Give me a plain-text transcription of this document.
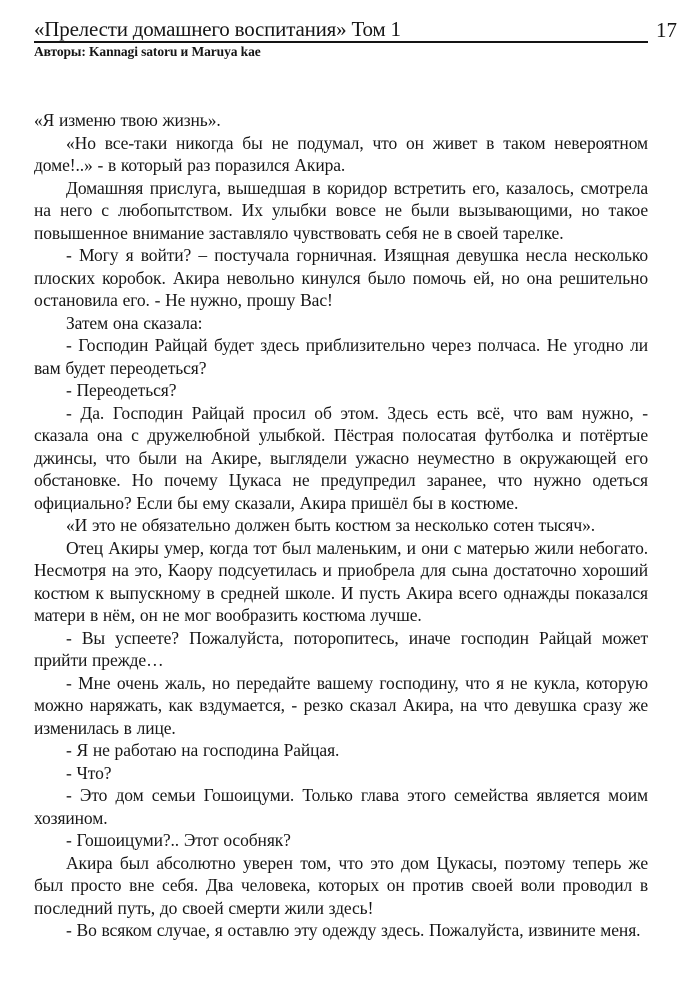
17
«Прелести домашнего воспитания» Том 1
Авторы: Kannagi satoru и Maruya kae

«Я изменю твою жизнь».

«Но все-таки никогда бы не подумал, что он живет в таком невероятном доме!..» - в который раз поразился Акира.

Домашняя прислуга, вышедшая в коридор встретить его, казалось, смотрела на него с любопытством. Их улыбки вовсе не были вызывающими, но такое повышенное внимание заставляло чувствовать себя не в своей тарелке.

- Могу я войти? – постучала горничная. Изящная девушка несла несколько плоских коробок. Акира невольно кинулся было помочь ей, но она решительно остановила его. - Не нужно, прошу Вас!

Затем она сказала:

- Господин Райцай будет здесь приблизительно через полчаса. Не угодно ли вам будет переодеться?

- Переодеться?

- Да. Господин Райцай просил об этом. Здесь есть всё, что вам нужно, - сказала она с дружелюбной улыбкой. Пёстрая полосатая футболка и потёртые джинсы, что были на Акире, выглядели ужасно неуместно в окружающей его обстановке. Но почему Цукаса не предупредил заранее, что нужно одеться официально? Если бы ему сказали, Акира пришёл бы в костюме.

«И это не обязательно должен быть костюм за несколько сотен тысяч».

Отец Акиры умер, когда тот был маленьким, и они с матерью жили небогато. Несмотря на это, Каору подсуетилась и приобрела для сына достаточно хороший костюм к выпускному в средней школе. И пусть Акира всего однажды показался матери в нём, он не мог вообразить костюма лучше.

- Вы успеете? Пожалуйста, поторопитесь, иначе господин Райцай может прийти прежде…

- Мне очень жаль, но передайте вашему господину, что я не кукла, которую можно наряжать, как вздумается, - резко сказал Акира, на что девушка сразу же изменилась в лице.

- Я не работаю на господина Райцая.

- Что?

- Это дом семьи Гошоицуми. Только глава этого семейства является моим хозяином.

- Гошоицуми?.. Этот особняк?

Акира был абсолютно уверен том, что это дом Цукасы, поэтому теперь же был просто вне себя. Два человека, которых он против своей воли проводил в последний путь, до своей смерти жили здесь!

- Во всяком случае, я оставлю эту одежду здесь. Пожалуйста, извините меня.
